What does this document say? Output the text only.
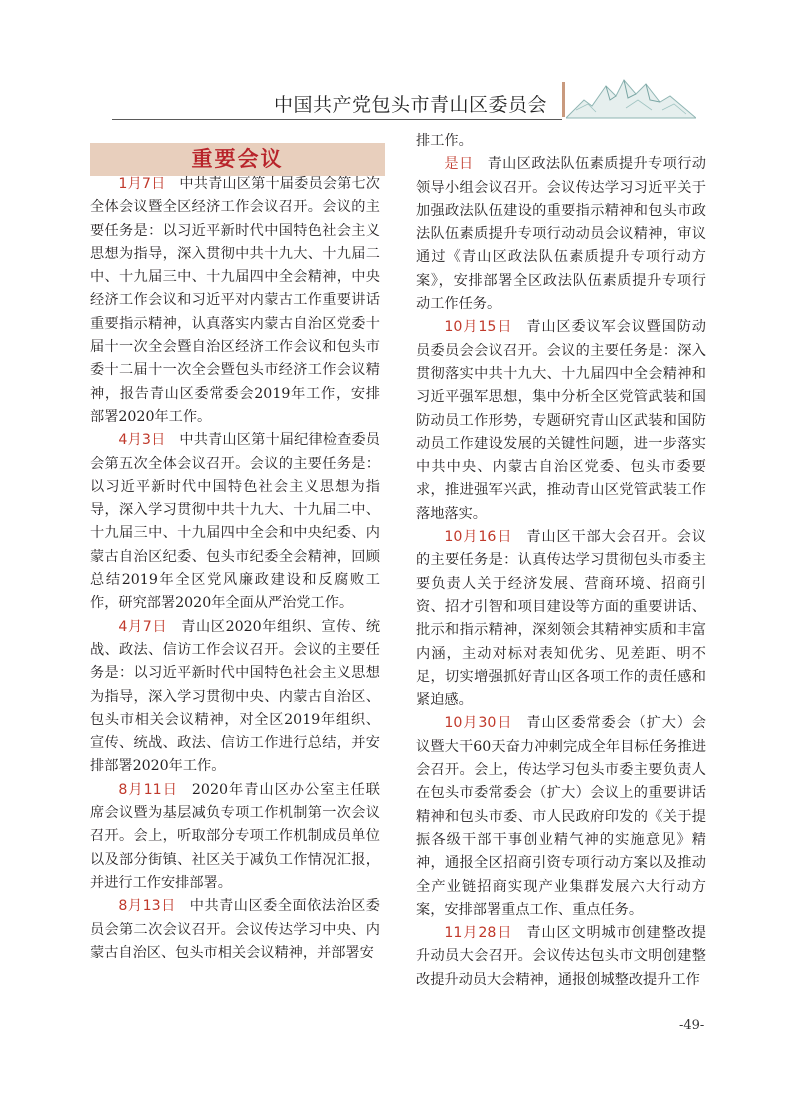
中国共产党包头市青山区委员会
重要会议

1月7日 中共青山区第十届委员会第七次全体会议暨全区经济工作会议召开。会议的主要任务是：以习近平新时代中国特色社会主义思想为指导，深入贯彻中共十九大、十九届二中、十九届三中、十九届四中全会精神，中央经济工作会议和习近平对内蒙古工作重要讲话重要指示精神，认真落实内蒙古自治区党委十届十一次全会暨自治区经济工作会议和包头市委十二届十一次全会暨包头市经济工作会议精神，报告青山区委常委会2019年工作，安排部署2020年工作。

4月3日 中共青山区第十届纪律检查委员会第五次全体会议召开。会议的主要任务是：以习近平新时代中国特色社会主义思想为指导，深入学习贯彻中共十九大、十九届二中、十九届三中、十九届四中全会和中央纪委、内蒙古自治区纪委、包头市纪委全会精神，回顾总结2019年全区党风廉政建设和反腐败工作，研究部署2020年全面从严治党工作。

4月7日 青山区2020年组织、宣传、统战、政法、信访工作会议召开。会议的主要任务是：以习近平新时代中国特色社会主义思想为指导，深入学习贯彻中央、内蒙古自治区、包头市相关会议精神，对全区2019年组织、宣传、统战、政法、信访工作进行总结，并安排部署2020年工作。

8月11日 2020年青山区办公室主任联席会议暨为基层减负专项工作机制第一次会议召开。会上，听取部分专项工作机制成员单位以及部分街镇、社区关于减负工作情况汇报，并进行工作安排部署。

8月13日 中共青山区委全面依法治区委员会第二次会议召开。会议传达学习中央、内蒙古自治区、包头市相关会议精神，并部署安

排工作。

是日 青山区政法队伍素质提升专项行动领导小组会议召开。会议传达学习习近平关于加强政法队伍建设的重要指示精神和包头市政法队伍素质提升专项行动动员会议精神，审议通过《青山区政法队伍素质提升专项行动方案》，安排部署全区政法队伍素质提升专项行动工作任务。

10月15日 青山区委议军会议暨国防动员委员会会议召开。会议的主要任务是：深入贯彻落实中共十九大、十九届四中全会精神和习近平强军思想，集中分析全区党管武装和国防动员工作形势，专题研究青山区武装和国防动员工作建设发展的关键性问题，进一步落实中共中央、内蒙古自治区党委、包头市委要求，推进强军兴武，推动青山区党管武装工作落地落实。

10月16日 青山区干部大会召开。会议的主要任务是：认真传达学习贯彻包头市委主要负责人关于经济发展、营商环境、招商引资、招才引智和项目建设等方面的重要讲话、批示和指示精神，深刻领会其精神实质和丰富内涵，主动对标对表知优劣、见差距、明不足，切实增强抓好青山区各项工作的责任感和紧迫感。

10月30日 青山区委常委会（扩大）会议暨大干60天奋力冲刺完成全年目标任务推进会召开。会上，传达学习包头市委主要负责人在包头市委常委会（扩大）会议上的重要讲话精神和包头市委、市人民政府印发的《关于提振各级干部干事创业精气神的实施意见》精神，通报全区招商引资专项行动方案以及推动全产业链招商实现产业集群发展六大行动方案，安排部署重点工作、重点任务。

11月28日 青山区文明城市创建整改提升动员大会召开。会议传达包头市文明创建整改提升动员大会精神，通报创城整改提升工作

-49-
